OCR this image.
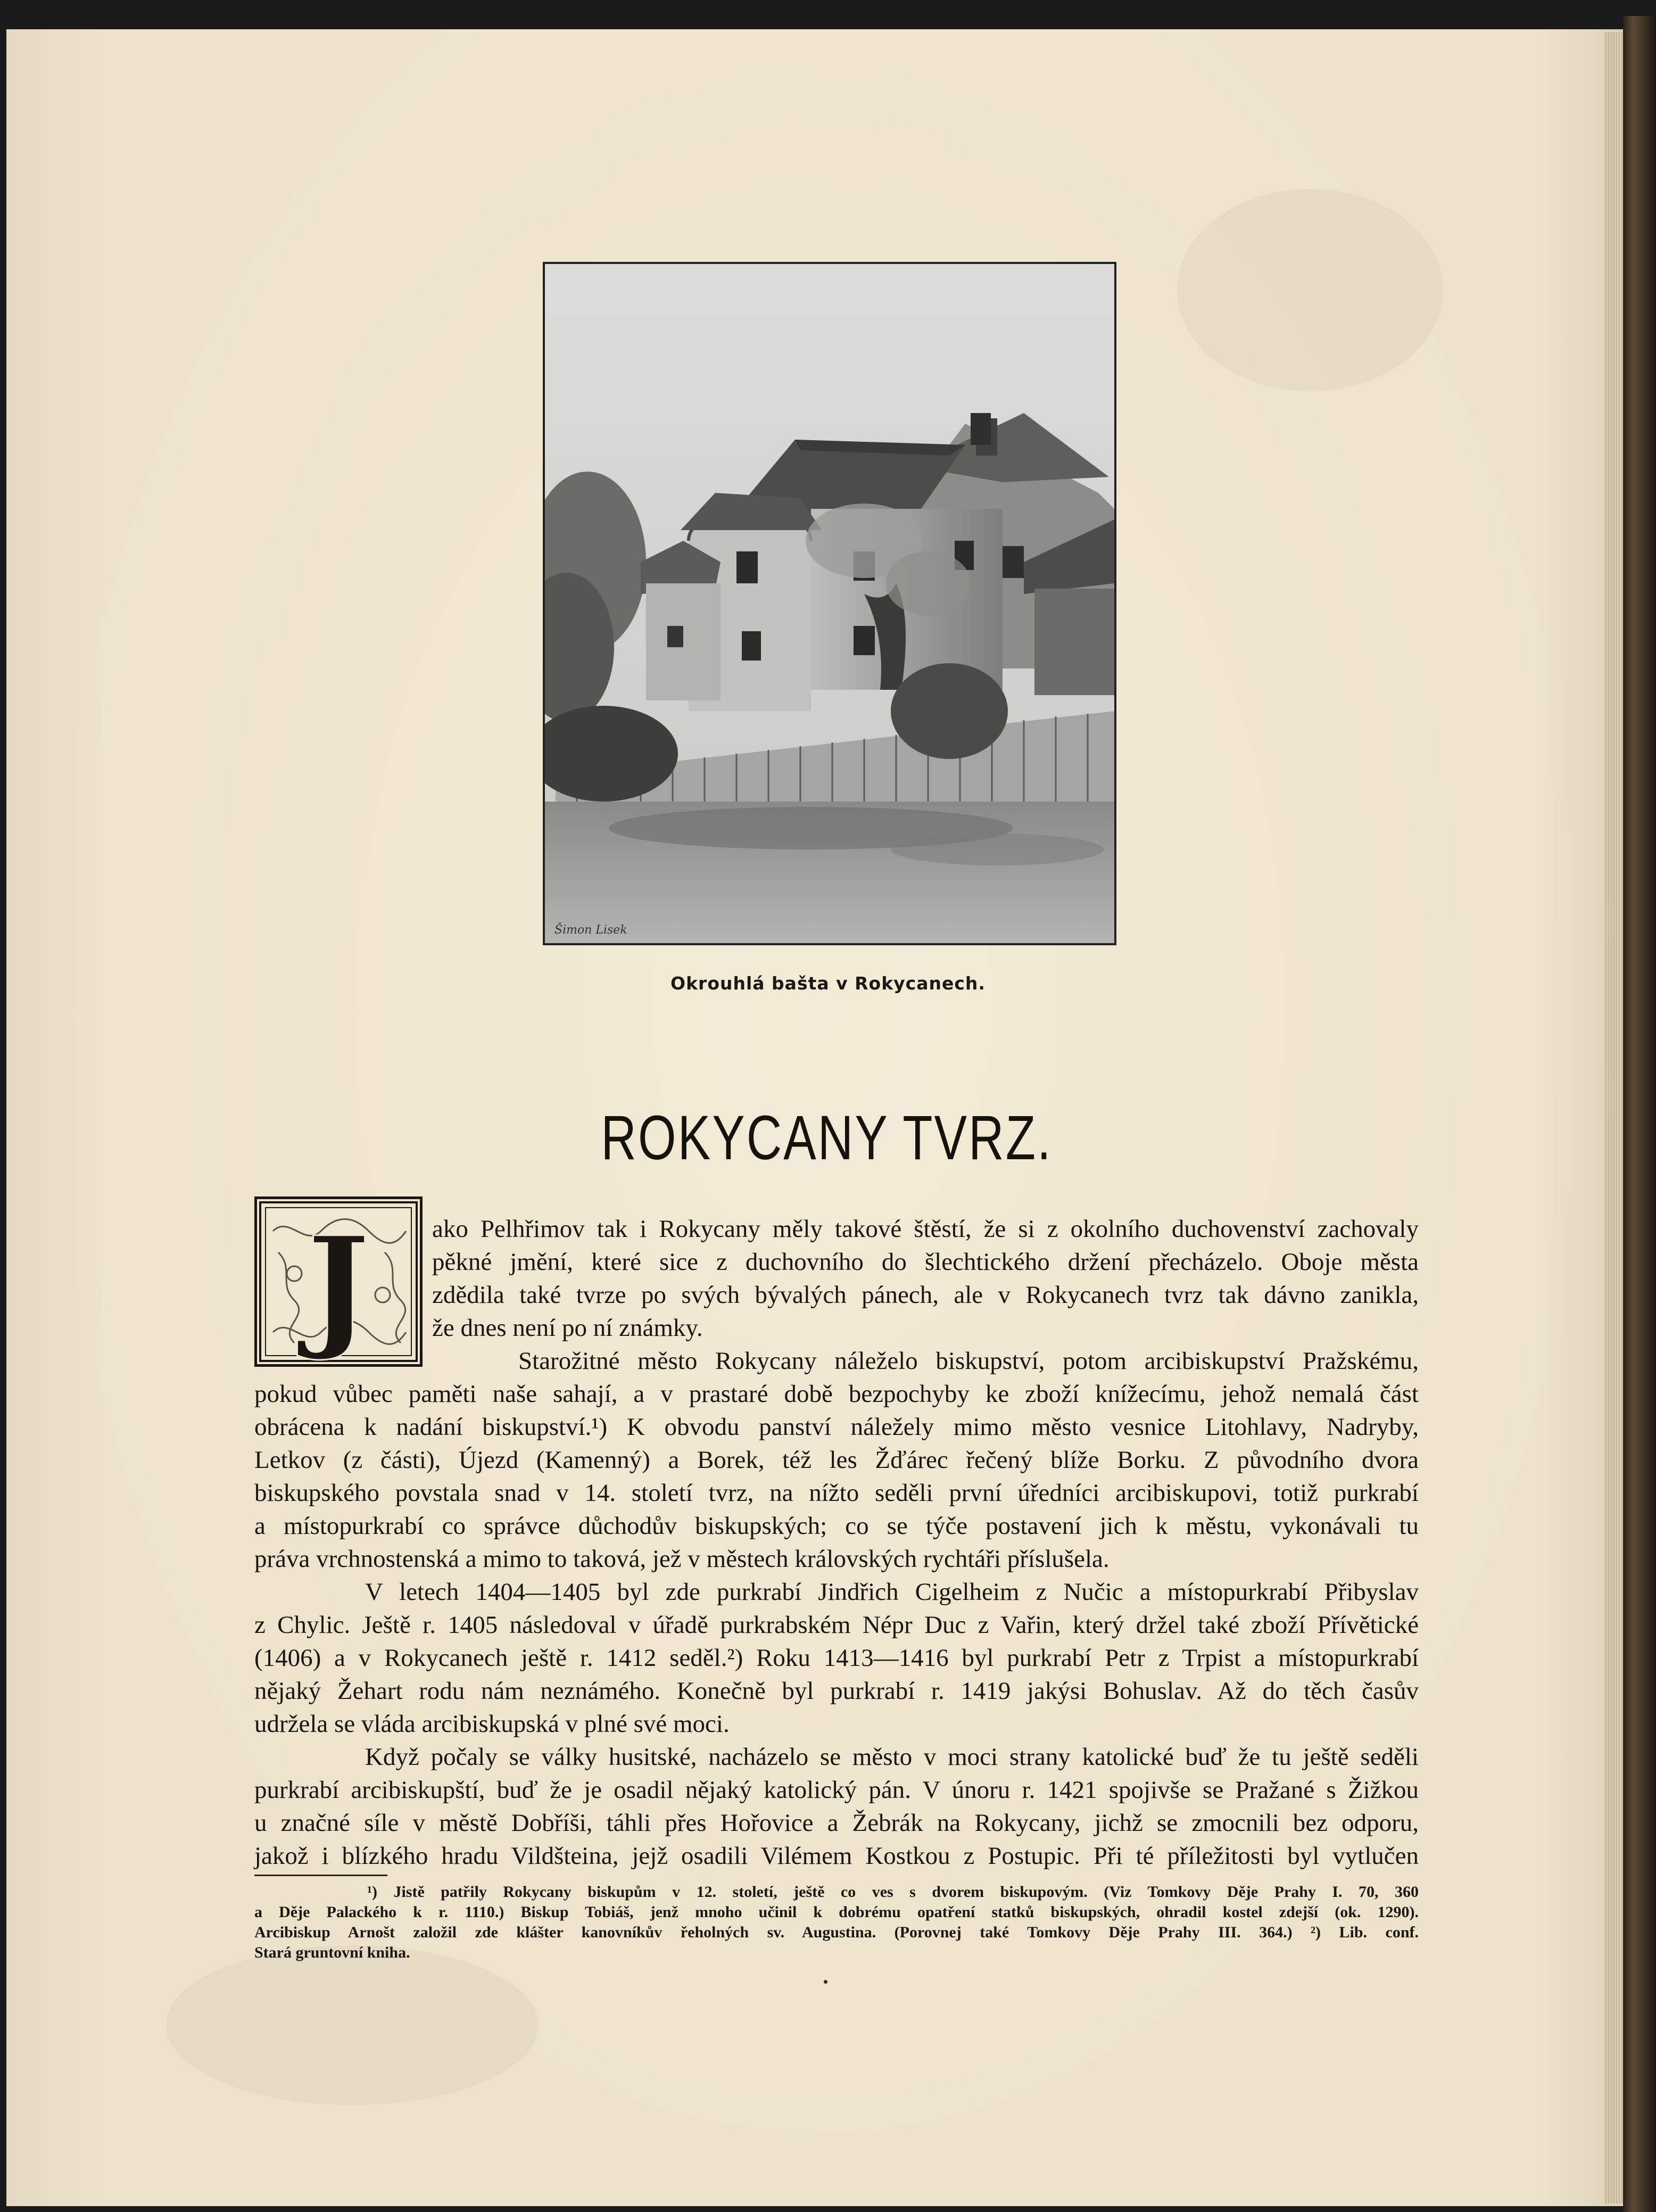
Šimon Lisek
Okrouhlá bašta v Rokycanech.
ROKYCANY TVRZ.
J ako Pelhřimov tak i Rokycany měly takové štěstí, že si z okolního duchovenství zachovaly
pěkné jmění, které sice z duchovního do šlechtického držení přecházelo. Oboje města
zdědila také tvrze po svých bývalých pánech, ale v Rokycanech tvrz tak dávno zanikla,
že dnes není po ní známky.
Starožitné město Rokycany náleželo biskupství, potom arcibiskupství Pražskému,
pokud vůbec paměti naše sahají, a v prastaré době bezpochyby ke zboží knížecímu, jehož nemalá část
obrácena k nadání biskupství.¹) K obvodu panství náležely mimo město vesnice Litohlavy, Nadryby,
Letkov (z části), Újezd (Kamenný) a Borek, též les Žďárec řečený blíže Borku. Z původního dvora
biskupského povstala snad v 14. století tvrz, na nížto seděli první úředníci arcibiskupovi, totiž purkrabí
a místopurkrabí co správce důchodův biskupských; co se týče postavení jich k městu, vykonávali tu
práva vrchnostenská a mimo to taková, jež v městech královských rychtáři příslušela.
V letech 1404—1405 byl zde purkrabí Jindřich Cigelheim z Nučic a místopurkrabí Přibyslav
z Chylic. Ještě r. 1405 následoval v úřadě purkrabském Népr Duc z Vařin, který držel také zboží Přívětické
(1406) a v Rokycanech ještě r. 1412 seděl.²) Roku 1413—1416 byl purkrabí Petr z Trpist a místopurkrabí
nějaký Žehart rodu nám neznámého. Konečně byl purkrabí r. 1419 jakýsi Bohuslav. Až do těch časův
udržela se vláda arcibiskupská v plné své moci.
Když počaly se války husitské, nacházelo se město v moci strany katolické buď že tu ještě seděli
purkrabí arcibiskupští, buď že je osadil nějaký katolický pán. V únoru r. 1421 spojivše se Pražané s Žižkou
u značné síle v městě Dobříši, táhli přes Hořovice a Žebrák na Rokycany, jichž se zmocnili bez odporu,
jakož i blízkého hradu Vildšteina, jejž osadili Vilémem Kostkou z Postupic. Při té příležitosti byl vytlučen
¹) Jistě patřily Rokycany biskupům v 12. století, ještě co ves s dvorem biskupovým. (Viz Tomkovy Děje Prahy I. 70, 360
a Děje Palackého k r. 1110.) Biskup Tobiáš, jenž mnoho učinil k dobrému opatření statků biskupských, ohradil kostel zdejší (ok. 1290).
Arcibiskup Arnošt založil zde klášter kanovníkův řeholných sv. Augustina. (Porovnej také Tomkovy Děje Prahy III. 364.) ²) Lib. conf.
Stará gruntovní kniha.
